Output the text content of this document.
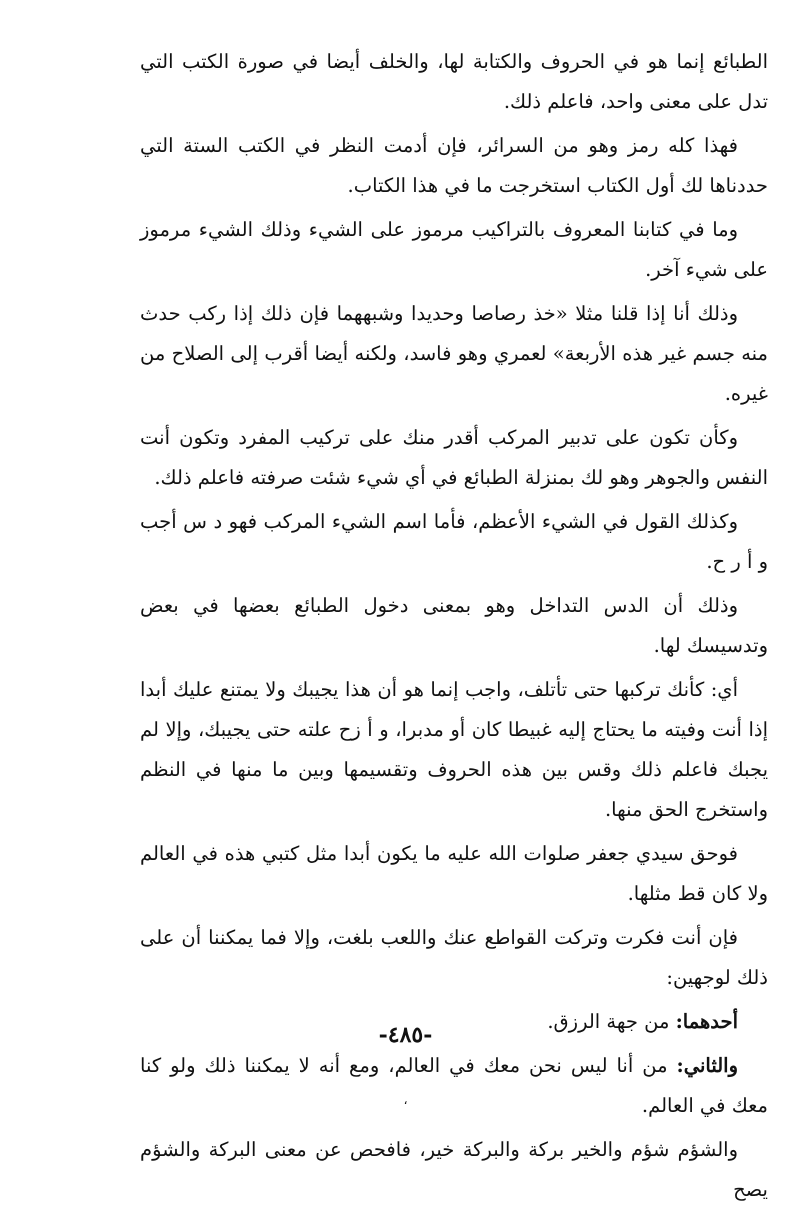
الطبائع إنما هو في الحروف والكتابة لها، والخلف أيضا في صورة الكتب التي تدل على معنى واحد، فاعلم ذلك.

فهذا كله رمز وهو من السرائر، فإن أدمت النظر في الكتب الستة التي حددناها لك أول الكتاب استخرجت ما في هذا الكتاب.

وما في كتابنا المعروف بالتراكيب مرموز على الشيء وذلك الشيء مرموز على شيء آخر.

وذلك أنا إذا قلنا مثلا «خذ رصاصا وحديدا وشبههما فإن ذلك إذا ركب حدث منه جسم غير هذه الأربعة» لعمري وهو فاسد، ولكنه أيضا أقرب إلى الصلاح من غيره.

وكأن تكون على تدبير المركب أقدر منك على تركيب المفرد وتكون أنت النفس والجوهر وهو لك بمنزلة الطبائع في أي شيء شئت صرفته فاعلم ذلك.

وكذلك القول في الشيء الأعظم، فأما اسم الشيء المركب فهو د س أجب و أ ر ح.

وذلك أن الدس التداخل وهو بمعنى دخول الطبائع بعضها في بعض وتدسيسك لها.

أي: كأنك تركبها حتى تأتلف، واجب إنما هو أن هذا يجيبك ولا يمتنع عليك أبدا إذا أنت وفيته ما يحتاج إليه غبيطا كان أو مدبرا، و أ زح علته حتى يجيبك، وإلا لم يجبك فاعلم ذلك وقس بين هذه الحروف وتقسيمها وبين ما منها في النظم واستخرج الحق منها.

فوحق سيدي جعفر صلوات الله عليه ما يكون أبدا مثل كتبي هذه في العالم ولا كان قط مثلها.

فإن أنت فكرت وتركت القواطع عنك واللعب بلغت، وإلا فما يمكننا أن على ذلك لوجهين:

أحدهما: من جهة الرزق.

والثاني: من أنا ليس نحن معك في العالم، ومع أنه لا يمكننا ذلك ولو كنا معك في العالم.

والشؤم شؤم والخير بركة والبركة خير، فافحص عن معنى البركة والشؤم يصح

-٤٨٥-
،
